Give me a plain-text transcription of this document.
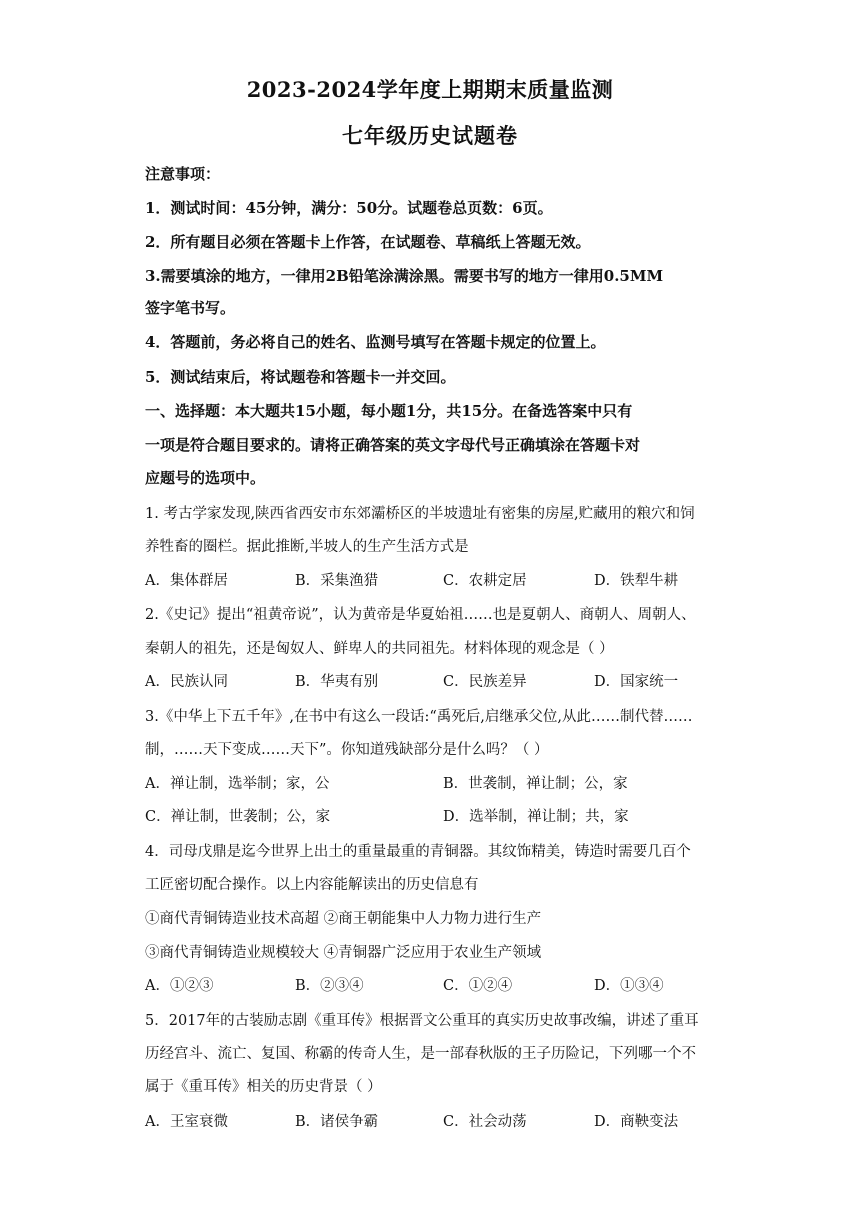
2023-2024学年度上期期末质量监测
七年级历史试题卷
注意事项：
1．测试时间：45分钟，满分：50分。试题卷总页数：6页。
2．所有题目必须在答题卡上作答，在试题卷、草稿纸上答题无效。
3.需要填涂的地方，一律用2B铅笔涂满涂黑。需要书写的地方一律用0.5MM
签字笔书写。
4．答题前，务必将自己的姓名、监测号填写在答题卡规定的位置上。
5．测试结束后，将试题卷和答题卡一并交回。
一、选择题：本大题共15小题，每小题1分，共15分。在备选答案中只有
一项是符合题目要求的。请将正确答案的英文字母代号正确填涂在答题卡对
应题号的选项中。
1. 考古学家发现,陕西省西安市东郊灞桥区的半坡遗址有密集的房屋,贮藏用的粮穴和饲
养牲畜的圈栏。据此推断,半坡人的生产生活方式是
A．集体群居	B．采集渔猎	C．农耕定居	D．铁犁牛耕
2.《史记》提出“祖黄帝说”，认为黄帝是华夏始祖……也是夏朝人、商朝人、周朝人、
秦朝人的祖先，还是匈奴人、鲜卑人的共同祖先。材料体现的观念是（ ）
A．民族认同	B．华夷有别	C．民族差异	D．国家统一
3.《中华上下五千年》,在书中有这么一段话:“禹死后,启继承父位,从此……制代替……
制，……天下变成……天下”。你知道残缺部分是什么吗？（ ）
A．禅让制，选举制；家，公	B．世袭制，禅让制；公，家
C．禅让制，世袭制；公，家	D．选举制，禅让制；共，家
4．司母戊鼎是迄今世界上出土的重量最重的青铜器。其纹饰精美，铸造时需要几百个
工匠密切配合操作。以上内容能解读出的历史信息有
①商代青铜铸造业技术高超 ②商王朝能集中人力物力进行生产
③商代青铜铸造业规模较大 ④青铜器广泛应用于农业生产领域
A．①②③	B．②③④	C．①②④	D．①③④
5．2017年的古装励志剧《重耳传》根据晋文公重耳的真实历史故事改编，讲述了重耳
历经宫斗、流亡、复国、称霸的传奇人生，是一部春秋版的王子历险记，下列哪一个不
属于《重耳传》相关的历史背景（ ）
A．王室衰微	B．诸侯争霸	C．社会动荡	D．商鞅变法
